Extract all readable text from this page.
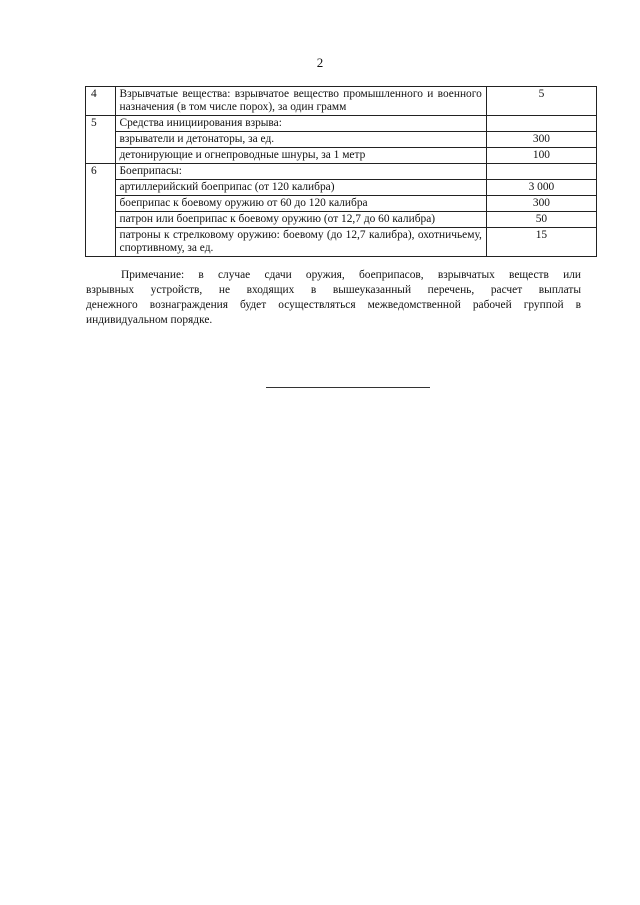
2
4	Взрывчатые вещества: взрывчатое вещество промышленного и военного назначения (в том числе порох), за один грамм	5
5	Средства инициирования взрыва:	
	взрыватели и детонаторы, за ед.	300
	детонирующие и огнепроводные шнуры, за 1 метр	100
6	Боеприпасы:	
	артиллерийский боеприпас (от 120 калибра)	3 000
	боеприпас к боевому оружию от 60 до 120 калибра	300
	патрон или боеприпас к боевому оружию (от 12,7 до 60 калибра)	50
	патроны к стрелковому оружию: боевому (до 12,7 калибра), охотничьему, спортивному, за ед.	15

Примечание: в случае сдачи оружия, боеприпасов, взрывчатых веществ или
взрывных устройств, не входящих в вышеуказанный перечень, расчет выплаты
денежного вознаграждения будет осуществляться межведомственной рабочей группой в
индивидуальном порядке.
